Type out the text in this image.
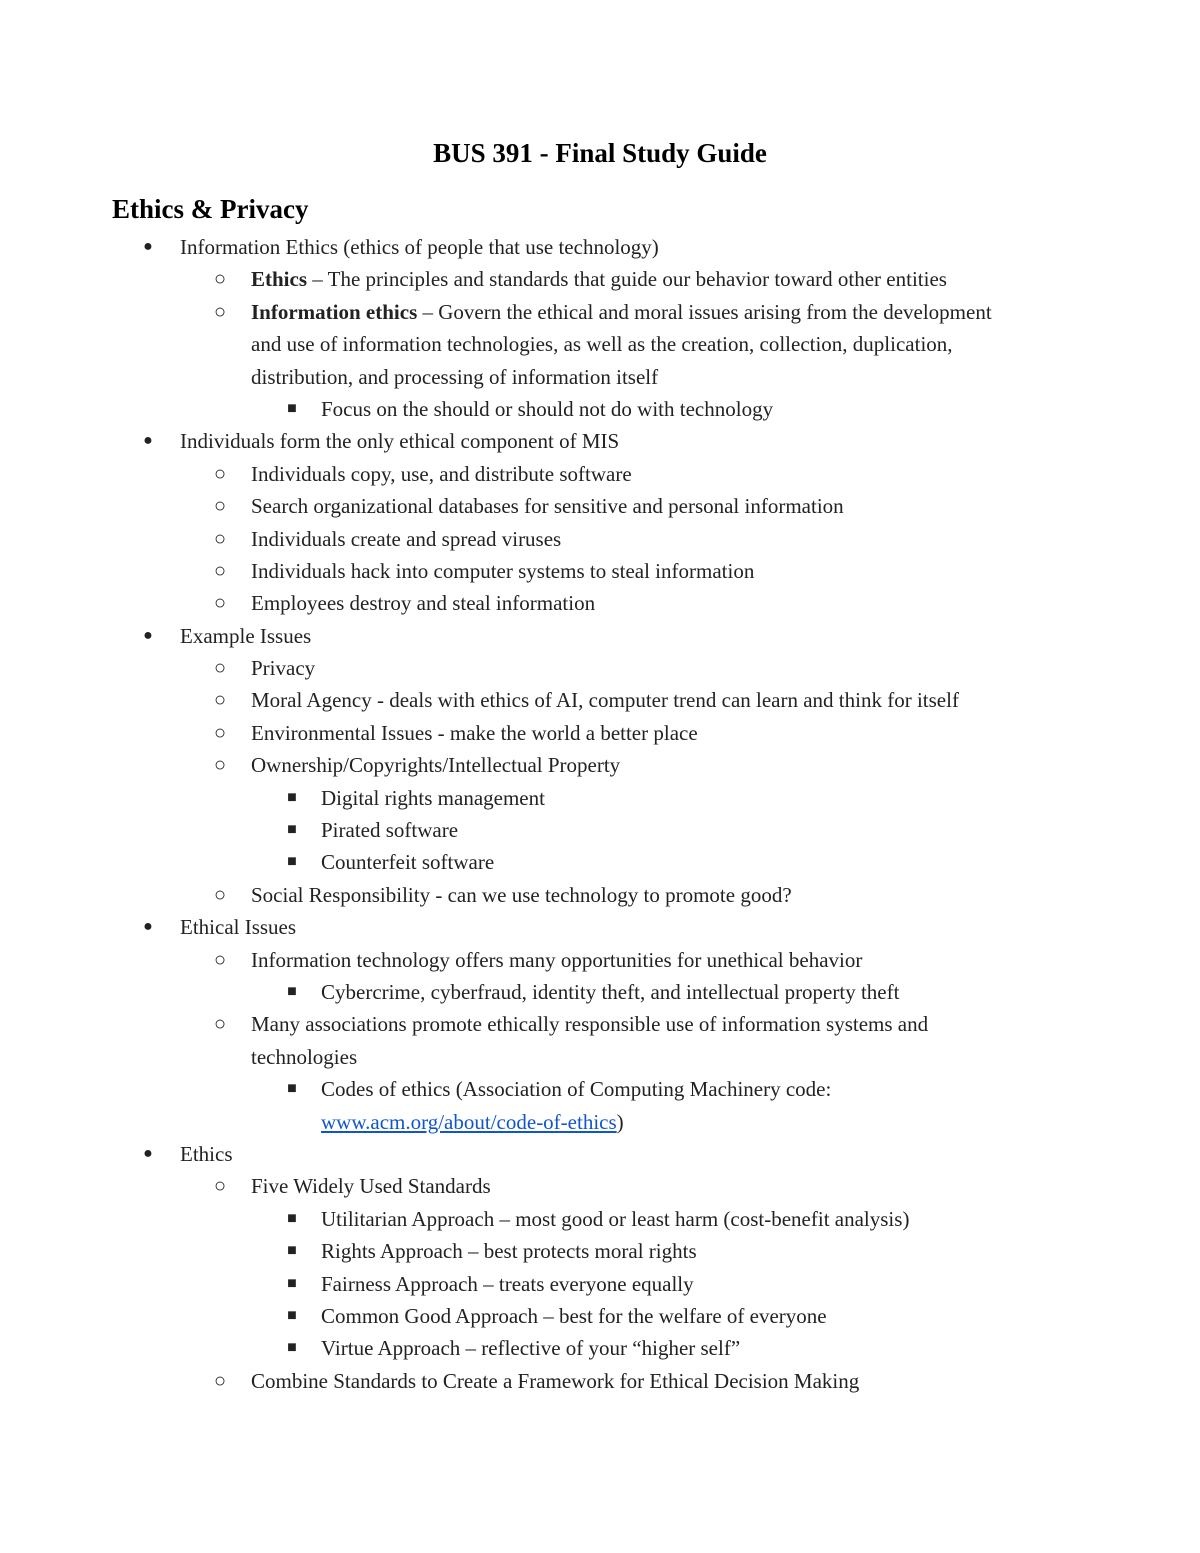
BUS 391 - Final Study Guide
Ethics & Privacy
● Information Ethics (ethics of people that use technology)
○ Ethics – The principles and standards that guide our behavior toward other entities
○ Information ethics – Govern the ethical and moral issues arising from the development
and use of information technologies, as well as the creation, collection, duplication,
distribution, and processing of information itself
■ Focus on the should or should not do with technology
● Individuals form the only ethical component of MIS
○ Individuals copy, use, and distribute software
○ Search organizational databases for sensitive and personal information
○ Individuals create and spread viruses
○ Individuals hack into computer systems to steal information
○ Employees destroy and steal information
● Example Issues
○ Privacy
○ Moral Agency - deals with ethics of AI, computer trend can learn and think for itself
○ Environmental Issues - make the world a better place
○ Ownership/Copyrights/Intellectual Property
■ Digital rights management
■ Pirated software
■ Counterfeit software
○ Social Responsibility - can we use technology to promote good?
● Ethical Issues
○ Information technology offers many opportunities for unethical behavior
■ Cybercrime, cyberfraud, identity theft, and intellectual property theft
○ Many associations promote ethically responsible use of information systems and
technologies
■ Codes of ethics (Association of Computing Machinery code:
www.acm.org/about/code-of-ethics)
● Ethics
○ Five Widely Used Standards
■ Utilitarian Approach – most good or least harm (cost-benefit analysis)
■ Rights Approach – best protects moral rights
■ Fairness Approach – treats everyone equally
■ Common Good Approach – best for the welfare of everyone
■ Virtue Approach – reflective of your “higher self”
○ Combine Standards to Create a Framework for Ethical Decision Making
